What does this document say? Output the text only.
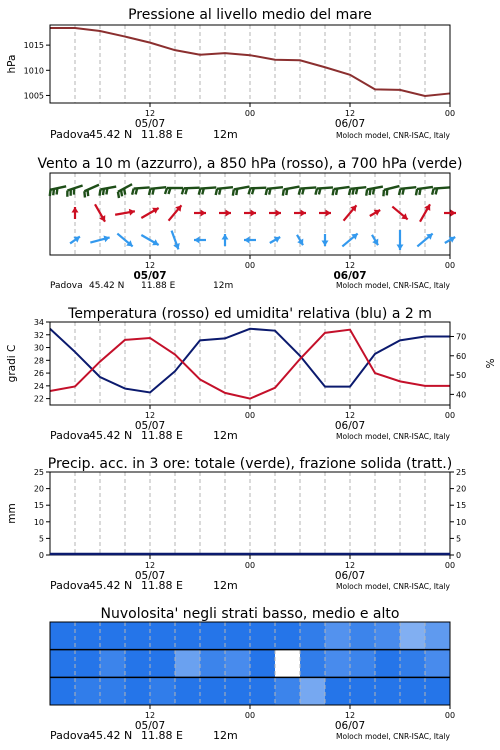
Pressione al livello medio del mare
1005
1010
1015
hPa
12	00	12	00
05/07	06/07
Padova 45.42 N 11.88 E	12m	Moloch model, CNR-ISAC, Italy
Vento a 10 m (azzurro), a 850 hPa (rosso), a 700 hPa (verde)
12	00	12	00
05/07	06/07
Padova 45.42 N 11.88 E	12m	Moloch model, CNR-ISAC, Italy
Temperatura (rosso) ed umidita' relativa (blu) a 2 m
22
24
26
28
30
32
34
40
50
60
70
gradi C	%
12	00	12	00
05/07	06/07
Padova 45.42 N 11.88 E	12m	Moloch model, CNR-ISAC, Italy
Precip. acc. in 3 ore: totale (verde), frazione solida (tratt.)
0	0
5	5
10	10
15	15
20	20
25	25
mm
12	00	12	00
05/07	06/07
Padova 45.42 N 11.88 E	12m	Moloch model, CNR-ISAC, Italy
Nuvolosita' negli strati basso, medio e alto
12	00	12	00
05/07	06/07
Padova 45.42 N 11.88 E	12m	Moloch model, CNR-ISAC, Italy
